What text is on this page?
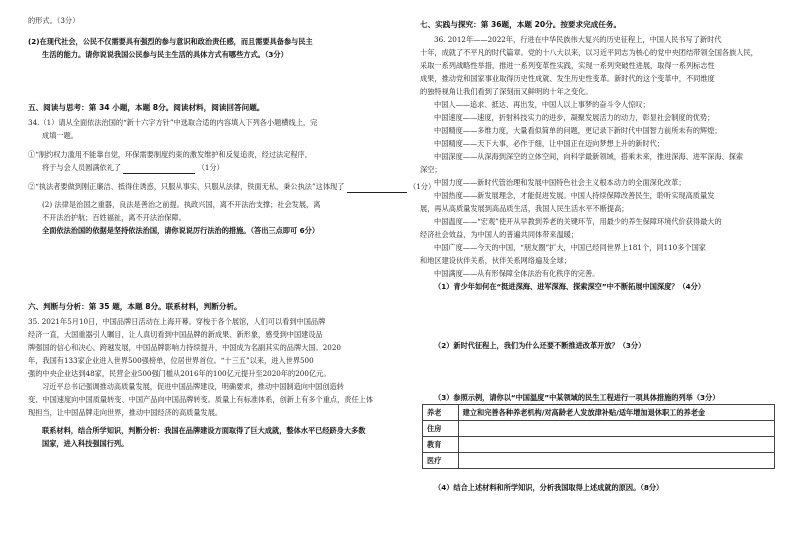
的形式。（3分）
(2)在现代社会，公民不仅需要具有强烈的参与意识和政治责任感，而且需要具备参与民主
生活的能力。请你说说我国公民参与民主生活的具体方式有哪些方式。（3分）
五、阅读与思考：第 34 小题，本题 8分。阅读材料，阅读回答问题。
34.（1）请从全面依法治国的“新十六字方针”中选取合适的内容填入下列各小题横线上，完
成填一题。
①“制约权力滥用不能靠自觉，环保需要制度约束的激发维护和反复追责，经过法定程序，
将于与会人员圆满依礼了	（1分）
②“执法者要做到刚正廉洁、抵得住诱惑，只服从事实，只服从法律，铁面无私，秉公执法”这体现了	（1分）
(2) 法律是治国之重器，良法是善治之前提。执政兴国，离不开法治支撑；社会发展，离
不开法治护航；百姓福祉，离不开法治保障。
全面依法治国的依据是坚持依法治国，请你说说厉行法治的措施。（答出三点即可 6分）
六、判断与分析：第 35 题，本题 8分。联系材料，判断分析。
35. 2021年5月10日，中国品牌日活动在上海开幕。穿梭于各个展馆，人们可以看到中国品牌
经济一直，大国重器引人瞩目，让人真切看到中国品牌的新成果、新形象，感受到中国建设品
牌强国的信心和决心。跨越发展，中国品牌影响力持续提升，中国成为名副其实的品牌大国。2020
年，我国有133家企业进入世界500强榜单，位居世界首位。“十三五”以来，进入世界500
强的中央企业达到48家，民营企业500强门槛从2016年的100亿元提升至2020年的200亿元。
习近平总书记强调推动高质量发展，促进中国品牌建设，明确要求，推动中国制造向中国创造转
变、中国速度向中国质量转变、中国产品向中国品牌转变。质量上有标准体系，创新上有多个重点，责任上体
现担当，让中国品牌走向世界，推动中国经济的高质量发展。
联系材料，结合所学知识，判断分析：我国在品牌建设方面取得了巨大成就，整体水平已经跻身大多数
国家，进入科技强国行列。
七、实践与探究：第 36题，本题 20分。按要求完成任务。
36. 2012年——2022年，行进在中华民族伟大复兴的历史征程上，中国人民书写了新时代
十年，成就了不平凡的时代篇章。党的十八大以来，以习近平同志为核心的党中央团结带领全国各族人民，
采取一系列战略性举措，推进一系列变革性实践，实现一系列突破性进展，取得一系列标志性
成果，推动党和国家事业取得历史性成就、发生历史性变革。新时代的这个变革中，不同维度
的独特视角让我们看到了深刻而又鲜明的十年之变化。
中国人——追求、抵达、再出发，中国人以上事梦的奋斗令人惊叹；
中国速度——速度，折射科技实力的进步，凝聚发展活力的动力，彰显社会制度的优势；
中国精度——多维力度，大量看似简单的问题，更记录下新时代中国智力前所未有的辉煌；
中国精度——天下大事，必作于细，让中国正在迈向梦想上升的新时代；
中国深度——从深海到深空的立体空间，向科学最新领域，搭乘未来，推进深海、进军深海、探索
深空；
中国力度——新时代管治理和发展中国特色社会主义根本动力的全面深化改革；
中国热度——新发展理念，才能促进发展。中国人持续保障改善民生，聆听实现高质量发
展，再从高质量发展到高品质生活，我国人民生活水平不断提高；
中国温度——“宏观”使开从早教到养老的关键环节，用最少的养生保障环境代价获得最大的
经济社会效益，为中国人的普遍共同体带来温暖；
中国广度——今天的中国，“朋友圈”扩大，中国已经同世界上181个，同110多个国家
和地区建设伙伴关系，伙伴关系网络遍及全球；
中国满度——从有形保障全体法治有化秩序的完善。
（1）青少年如何在“挺进深海、进军深海、探索深空”中不断拓展中国深度？（4分）
（2）新时代征程上，我们为什么还要不断推进改革开放？（3分）
（3）参照示例，请你以“中国温度”中某领域的民生工程进行一项具体措施的列举（3分）
养老	建立和完善各种养老机构/对高龄老人发放津补贴/适年增加退休职工的养老金
住房	
教育	
医疗	
（4）结合上述材料和所学知识，分析我国取得上述成就的原因。（8分）
